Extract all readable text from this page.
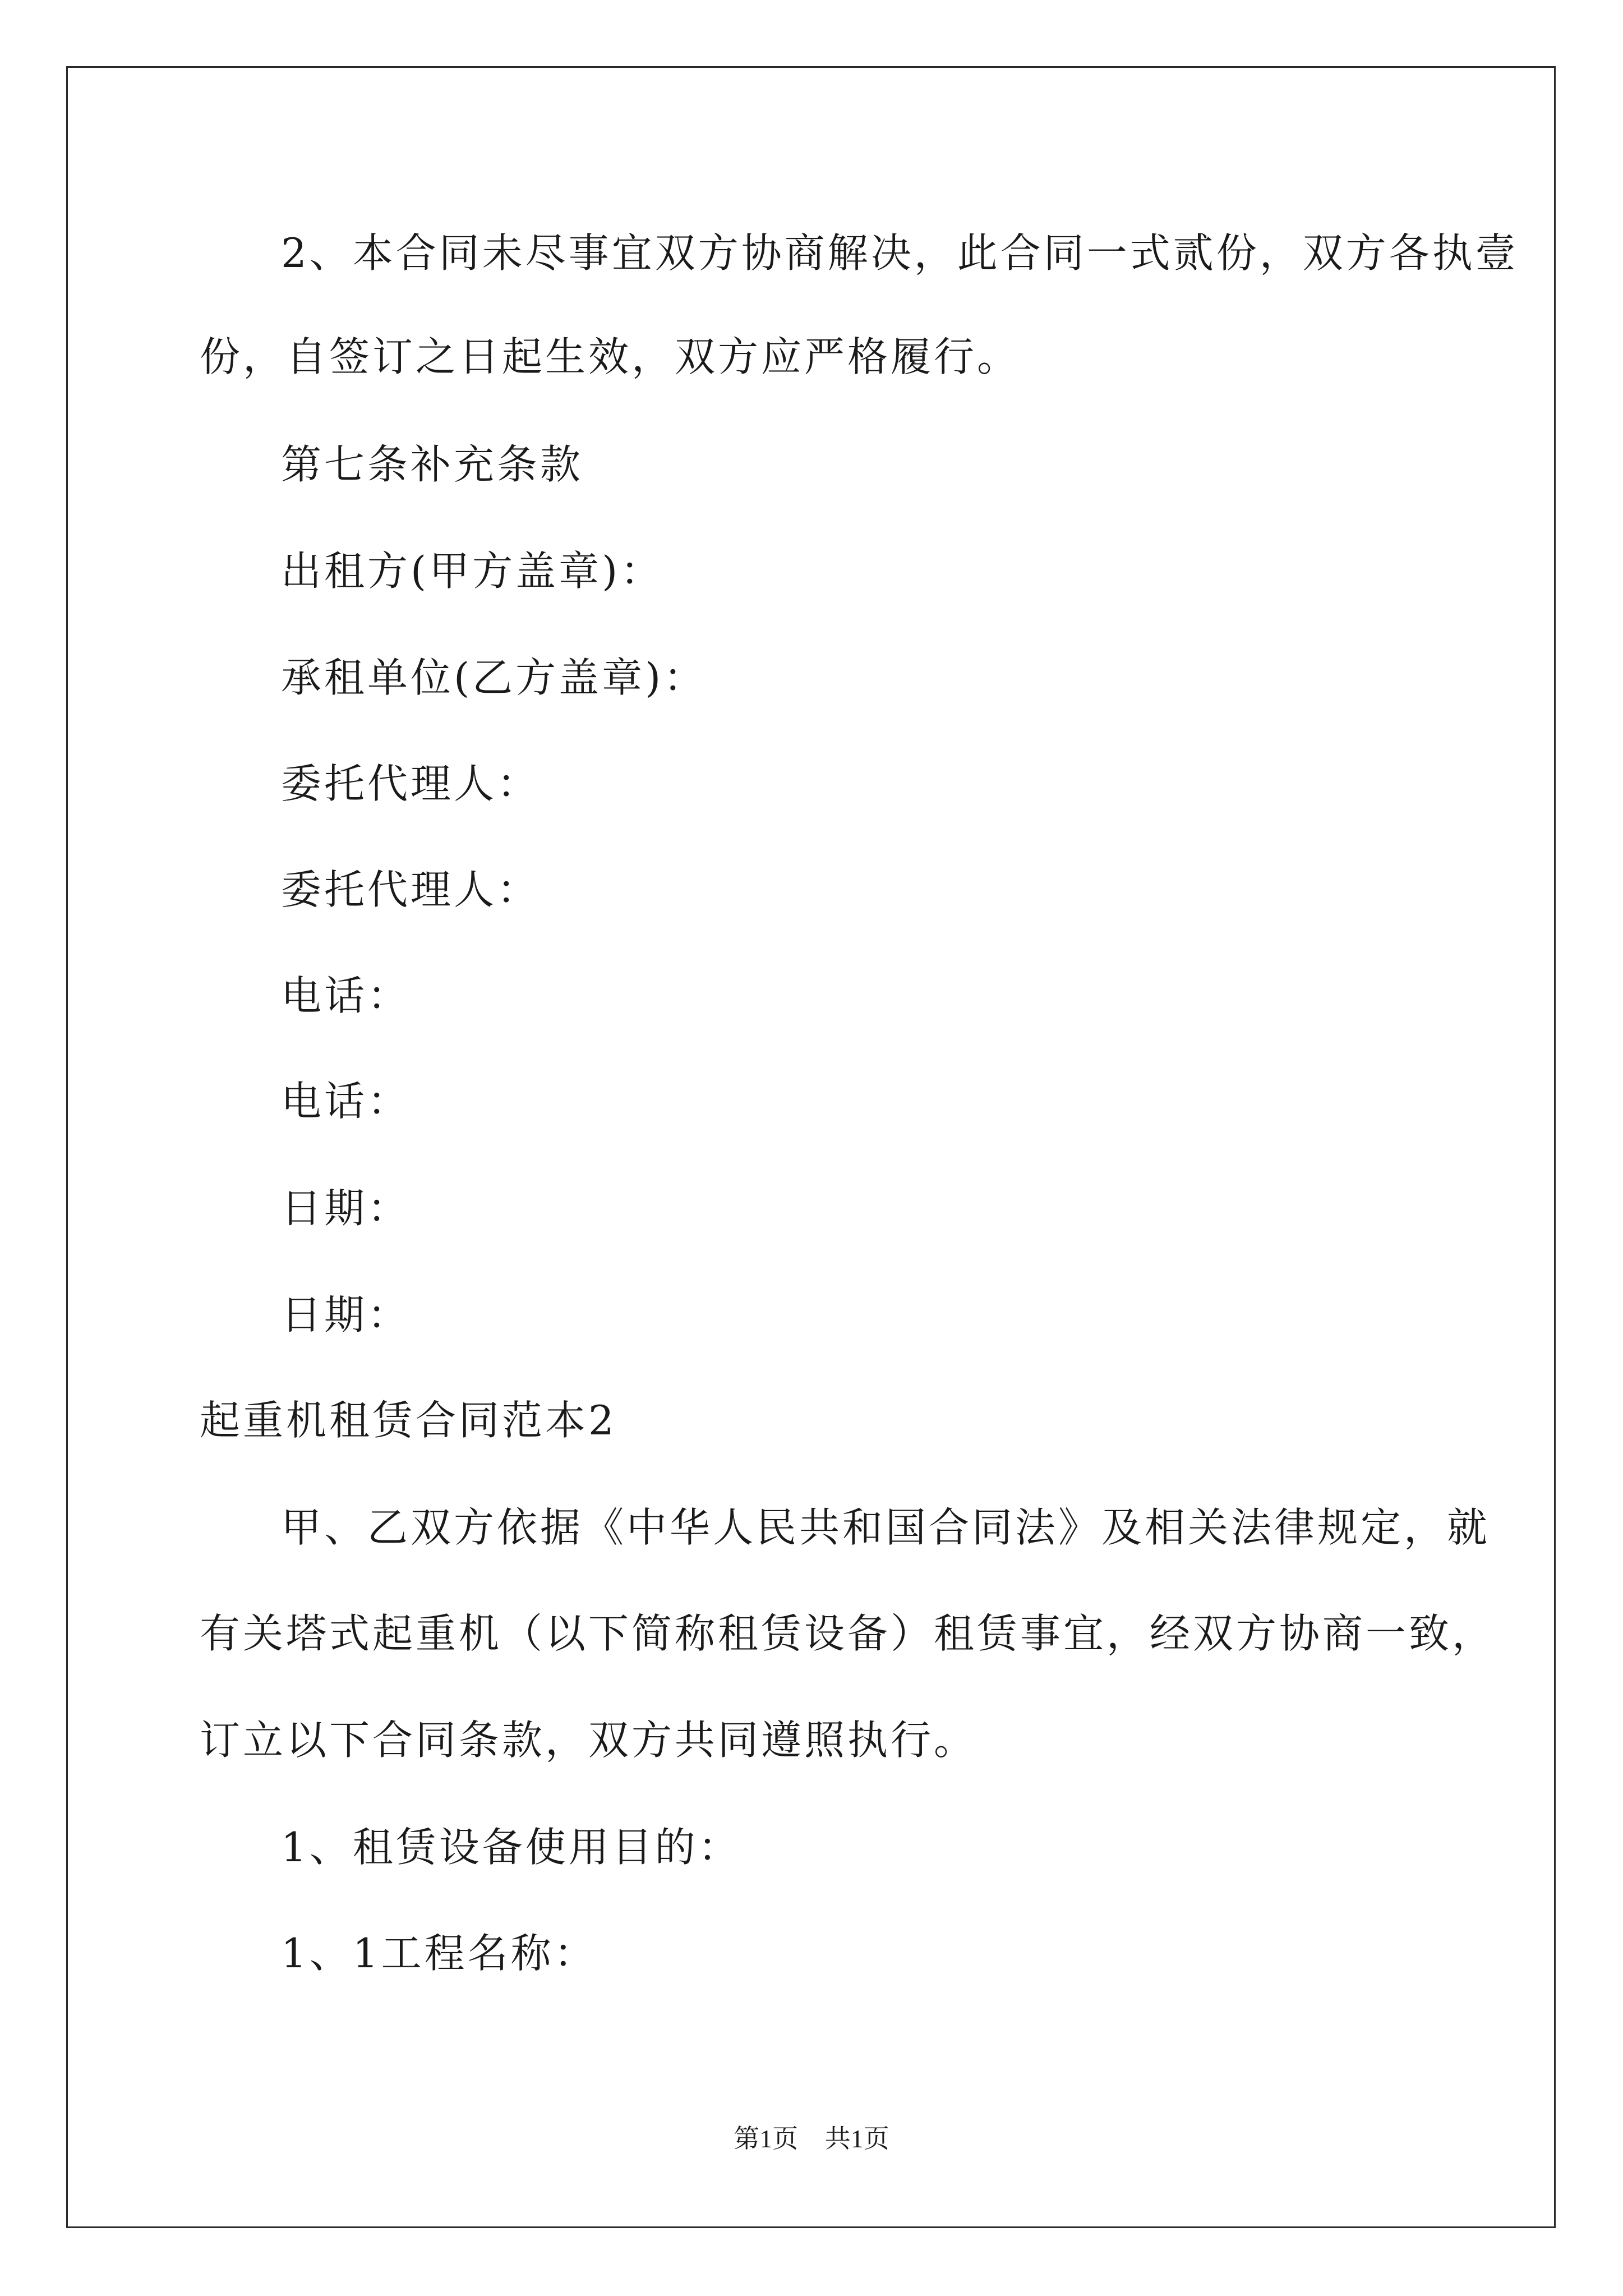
2、本合同未尽事宜双方协商解决，此合同一式贰份，双方各执壹
份，自签订之日起生效，双方应严格履行。
第七条补充条款
出租方(甲方盖章)：
承租单位(乙方盖章)：
委托代理人：
委托代理人：
电话：
电话：
日期：
日期：
起重机租赁合同范本2
甲、乙双方依据《中华人民共和国合同法》及相关法律规定，就
有关塔式起重机（以下简称租赁设备）租赁事宜，经双方协商一致，
订立以下合同条款，双方共同遵照执行。
1、租赁设备使用目的：
1、1工程名称：
第1页 共1页
